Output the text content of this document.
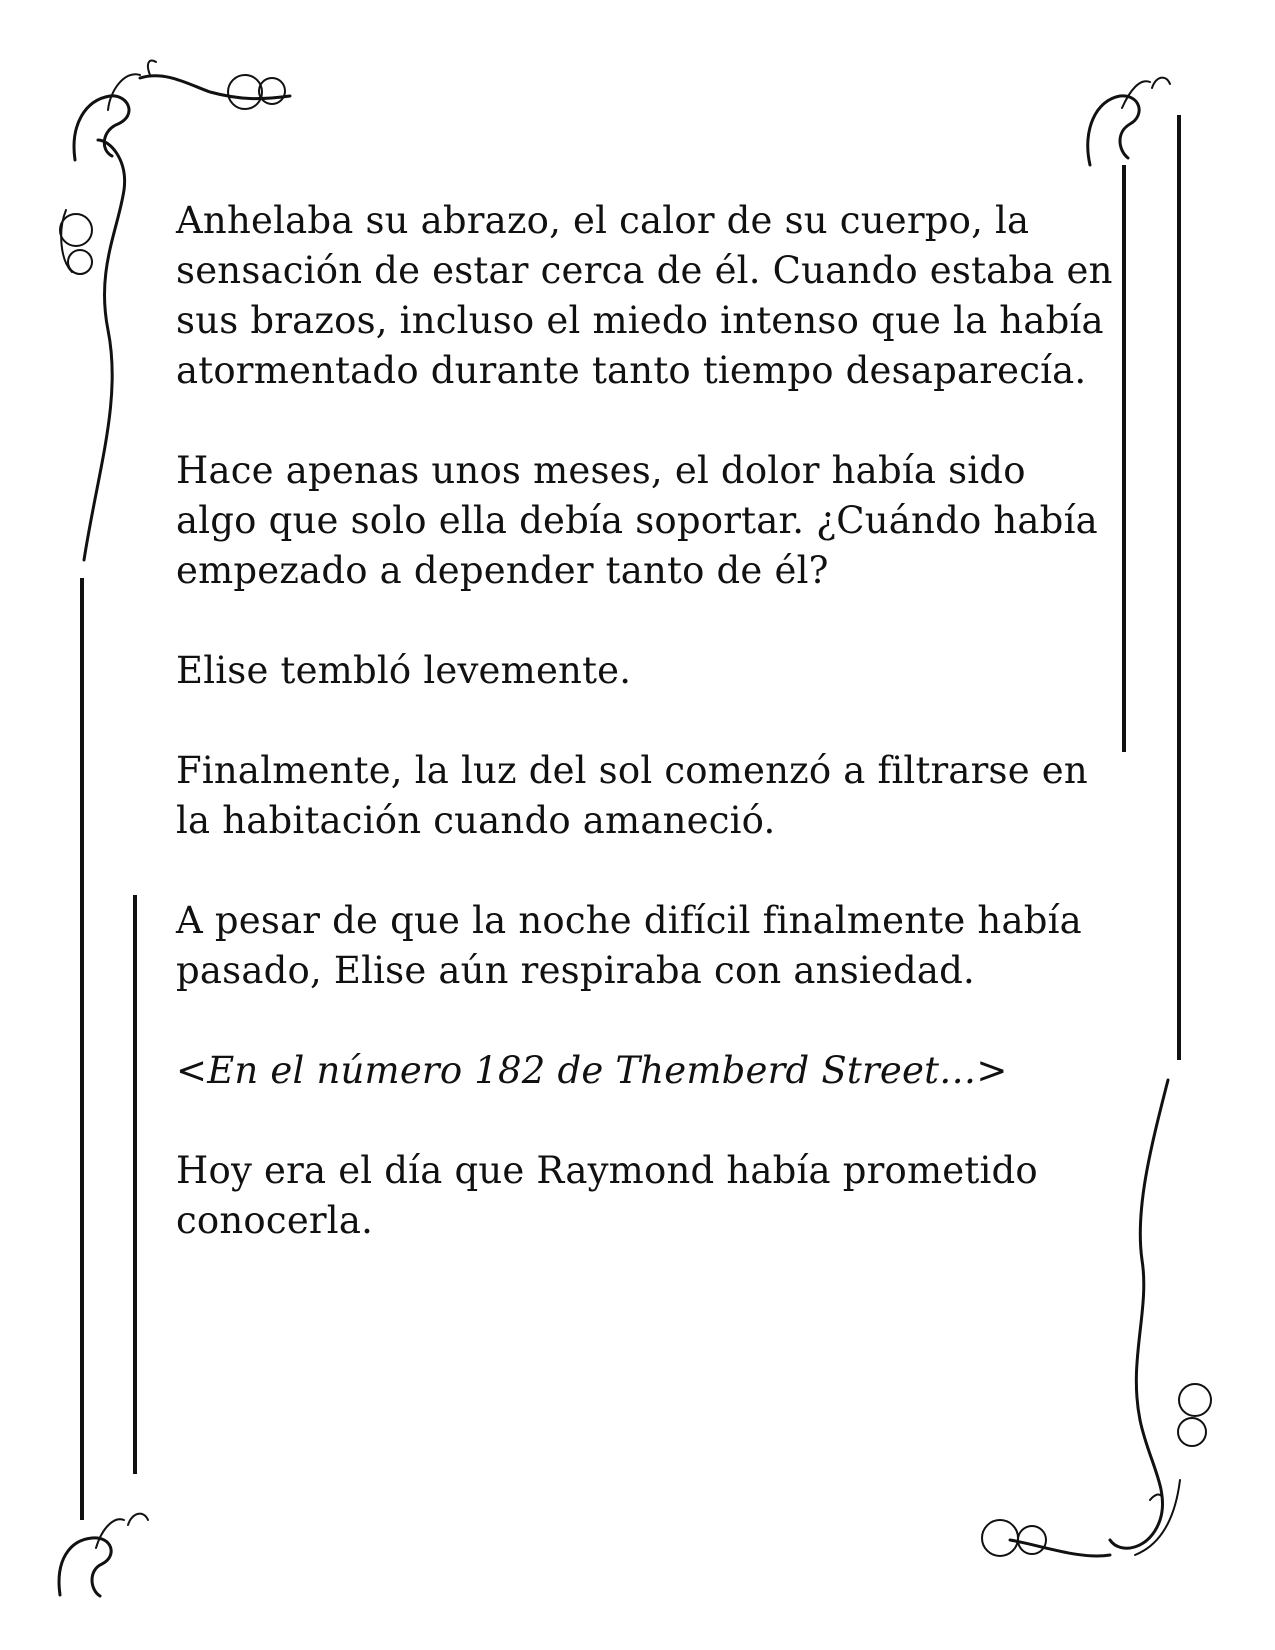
Anhelaba su abrazo, el calor de su cuerpo, la sensación de estar cerca de él. Cuando estaba en sus brazos, incluso el miedo intenso que la había atormentado durante tanto tiempo desaparecía.

Hace apenas unos meses, el dolor había sido algo que solo ella debía soportar. ¿Cuándo había empezado a depender tanto de él?

Elise tembló levemente.

Finalmente, la luz del sol comenzó a filtrarse en la habitación cuando amaneció.

A pesar de que la noche difícil finalmente había pasado, Elise aún respiraba con ansiedad.

<En el número 182 de Themberd Street…>

Hoy era el día que Raymond había prometido conocerla.
